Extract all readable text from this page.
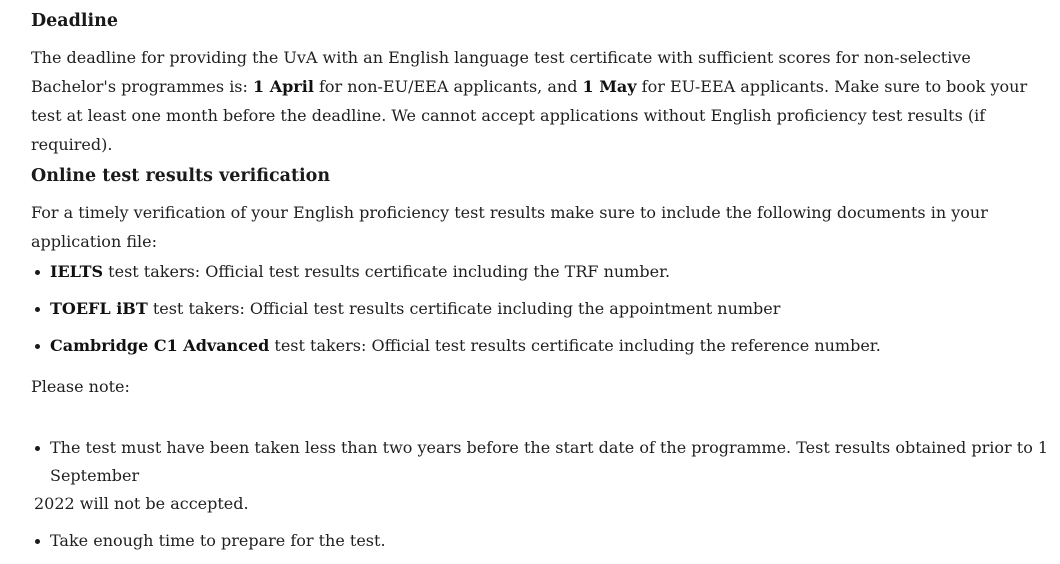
Deadline

The deadline for providing the UvA with an English language test certificate with sufficient scores for non-selective Bachelor's programmes is: 1 April for non-EU/EEA applicants, and 1 May for EU-EEA applicants. Make sure to book your test at least one month before the deadline. We cannot accept applications without English proficiency test results (if required).

Online test results verification

For a timely verification of your English proficiency test results make sure to include the following documents in your application file:

IELTS test takers: Official test results certificate including the TRF number.
TOEFL iBT test takers: Official test results certificate including the appointment number
Cambridge C1 Advanced test takers: Official test results certificate including the reference number.

Please note:

The test must have been taken less than two years before the start date of the programme. Test results obtained prior to 1 September
2022 will not be accepted.
Take enough time to prepare for the test.
